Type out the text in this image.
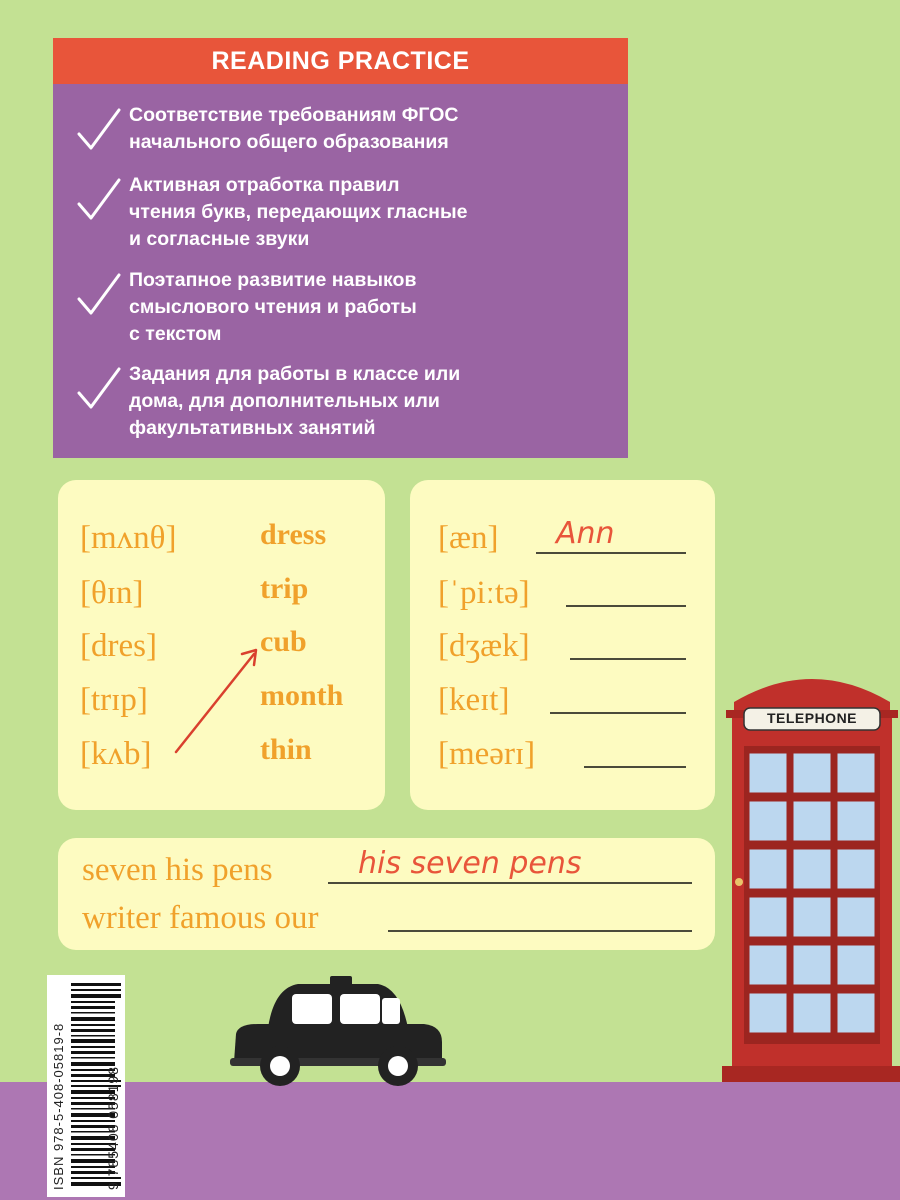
READING PRACTICE
Соответствие требованиям ФГОС
начального общего образования
Активная отработка правил
чтения букв, передающих гласные
и согласные звуки
Поэтапное развитие навыков
смыслового чтения и работы
с текстом
Задания для работы в классе или
дома, для дополнительных или
факультативных занятий
[mʌnθ]
[θɪn]
[dres]
[trɪp]
[kʌb]
dress
trip
cub
month
thin
[æn] Ann
[ˈpiːtə]
[dʒæk]
[keɪt]
[meərɪ]
seven his pens	his seven pens
writer famous our
TELEPHONE
ISBN 978-5-408-05819-8	9 785408 058198
